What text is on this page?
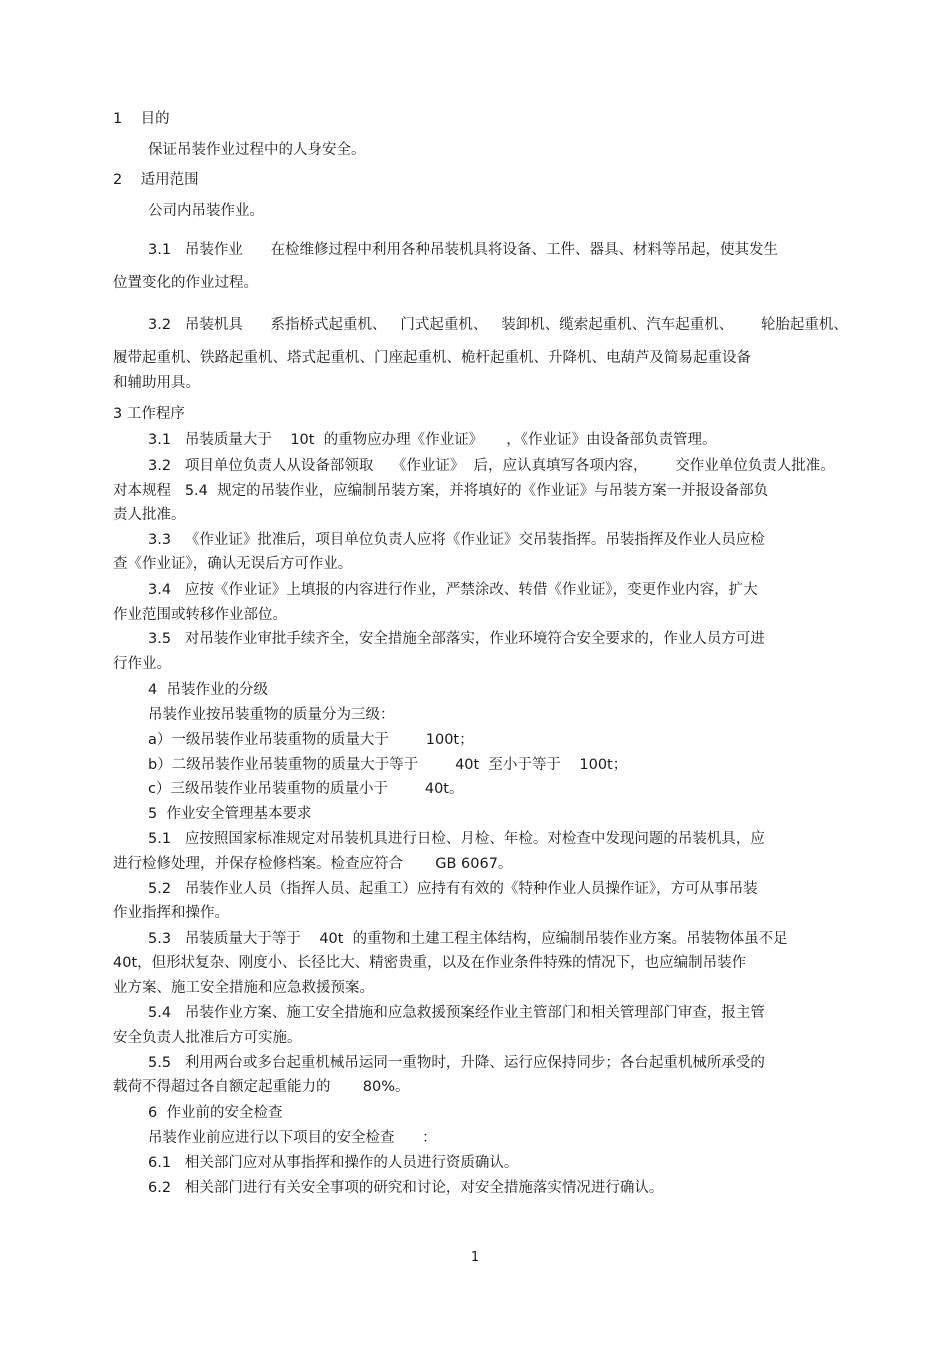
1    目的
保证吊装作业过程中的人身安全。
2    适用范围
公司内吊装作业。
3.1   吊装作业      在检维修过程中利用各种吊装机具将设备、工件、器具、材料等吊起，使其发生
位置变化的作业过程。
3.2   吊装机具      系指桥式起重机、   门式起重机、   装卸机、缆索起重机、汽车起重机、      轮胎起重机、
履带起重机、铁路起重机、塔式起重机、门座起重机、桅杆起重机、升降机、电葫芦及简易起重设备
和辅助用具。
3 工作程序
3.1   吊装质量大于    10t  的重物应办理《作业证》     ，《作业证》由设备部负责管理。
3.2   项目单位负责人从设备部领取    《作业证》  后，应认真填写各项内容，      交作业单位负责人批准。
对本规程   5.4  规定的吊装作业，应编制吊装方案，并将填好的《作业证》与吊装方案一并报设备部负
责人批准。
3.3   《作业证》批准后，项目单位负责人应将《作业证》交吊装指挥。吊装指挥及作业人员应检
查《作业证》，确认无误后方可作业。
3.4   应按《作业证》上填报的内容进行作业，严禁涂改、转借《作业证》，变更作业内容，扩大
作业范围或转移作业部位。
3.5   对吊装作业审批手续齐全，安全措施全部落实，作业环境符合安全要求的，作业人员方可进
行作业。
4  吊装作业的分级
吊装作业按吊装重物的质量分为三级：
a）一级吊装作业吊装重物的质量大于        100t；
b）二级吊装作业吊装重物的质量大于等于        40t  至小于等于    100t；
c）三级吊装作业吊装重物的质量小于        40t。
5  作业安全管理基本要求
5.1   应按照国家标准规定对吊装机具进行日检、月检、年检。对检查中发现问题的吊装机具，应
进行检修处理，并保存检修档案。检查应符合       GB 6067。
5.2   吊装作业人员（指挥人员、起重工）应持有有效的《特种作业人员操作证》，方可从事吊装
作业指挥和操作。
5.3   吊装质量大于等于    40t  的重物和土建工程主体结构，应编制吊装作业方案。吊装物体虽不足
40t，但形状复杂、刚度小、长径比大、精密贵重，以及在作业条件特殊的情况下，也应编制吊装作
业方案、施工安全措施和应急救援预案。
5.4   吊装作业方案、施工安全措施和应急救援预案经作业主管部门和相关管理部门审查，报主管
安全负责人批准后方可实施。
5.5   利用两台或多台起重机械吊运同一重物时，升降、运行应保持同步；各台起重机械所承受的
载荷不得超过各自额定起重能力的       80%。
6  作业前的安全检查
吊装作业前应进行以下项目的安全检查      ：
6.1   相关部门应对从事指挥和操作的人员进行资质确认。
6.2   相关部门进行有关安全事项的研究和讨论，对安全措施落实情况进行确认。
1
